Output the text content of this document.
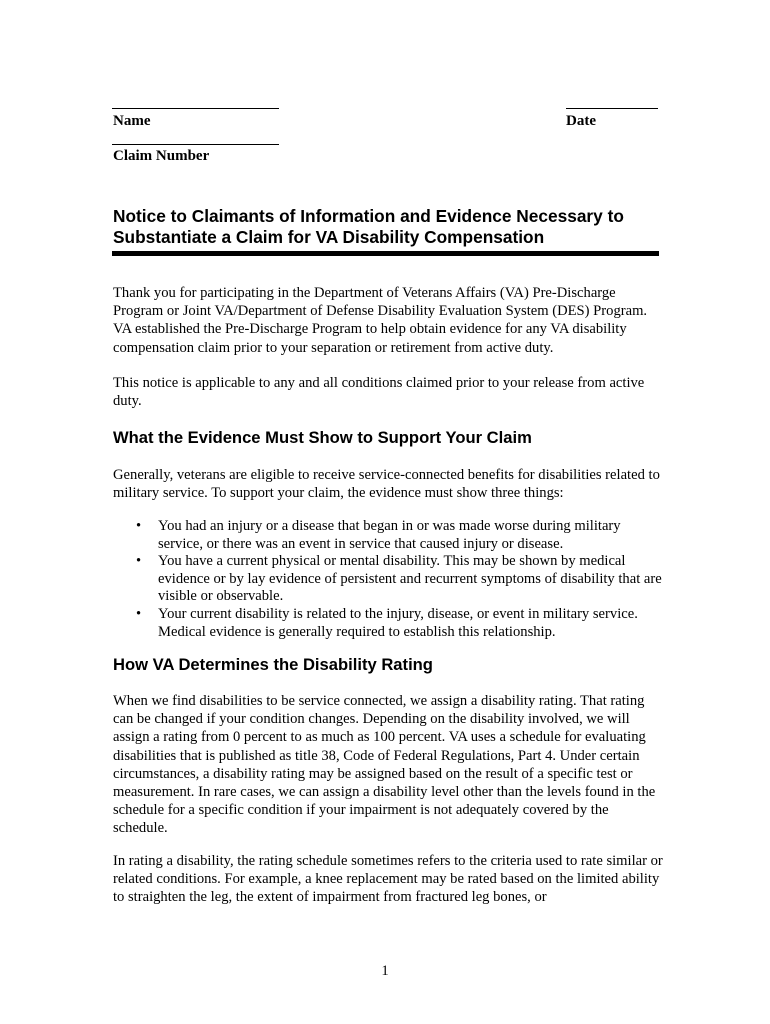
Name	Date
Claim Number
Notice to Claimants of Information and Evidence Necessary to
Substantiate a Claim for VA Disability Compensation

Thank you for participating in the Department of Veterans Affairs (VA) Pre-Discharge Program or Joint VA/Department of Defense Disability Evaluation System (DES) Program. VA established the Pre-Discharge Program to help obtain evidence for any VA disability compensation claim prior to your separation or retirement from active duty.

This notice is applicable to any and all conditions claimed prior to your release from active duty.

What the Evidence Must Show to Support Your Claim

Generally, veterans are eligible to receive service-connected benefits for disabilities related to military service. To support your claim, the evidence must show three things:

• You had an injury or a disease that began in or was made worse during military service, or there was an event in service that caused injury or disease.
• You have a current physical or mental disability. This may be shown by medical evidence or by lay evidence of persistent and recurrent symptoms of disability that are visible or observable.
• Your current disability is related to the injury, disease, or event in military service. Medical evidence is generally required to establish this relationship.
How VA Determines the Disability Rating

When we find disabilities to be service connected, we assign a disability rating. That rating can be changed if your condition changes. Depending on the disability involved, we will assign a rating from 0 percent to as much as 100 percent. VA uses a schedule for evaluating disabilities that is published as title 38, Code of Federal Regulations, Part 4. Under certain circumstances, a disability rating may be assigned based on the result of a specific test or measurement. In rare cases, we can assign a disability level other than the levels found in the schedule for a specific condition if your impairment is not adequately covered by the schedule.

In rating a disability, the rating schedule sometimes refers to the criteria used to rate similar or related conditions. For example, a knee replacement may be rated based on the limited ability to straighten the leg, the extent of impairment from fractured leg bones, or

1
